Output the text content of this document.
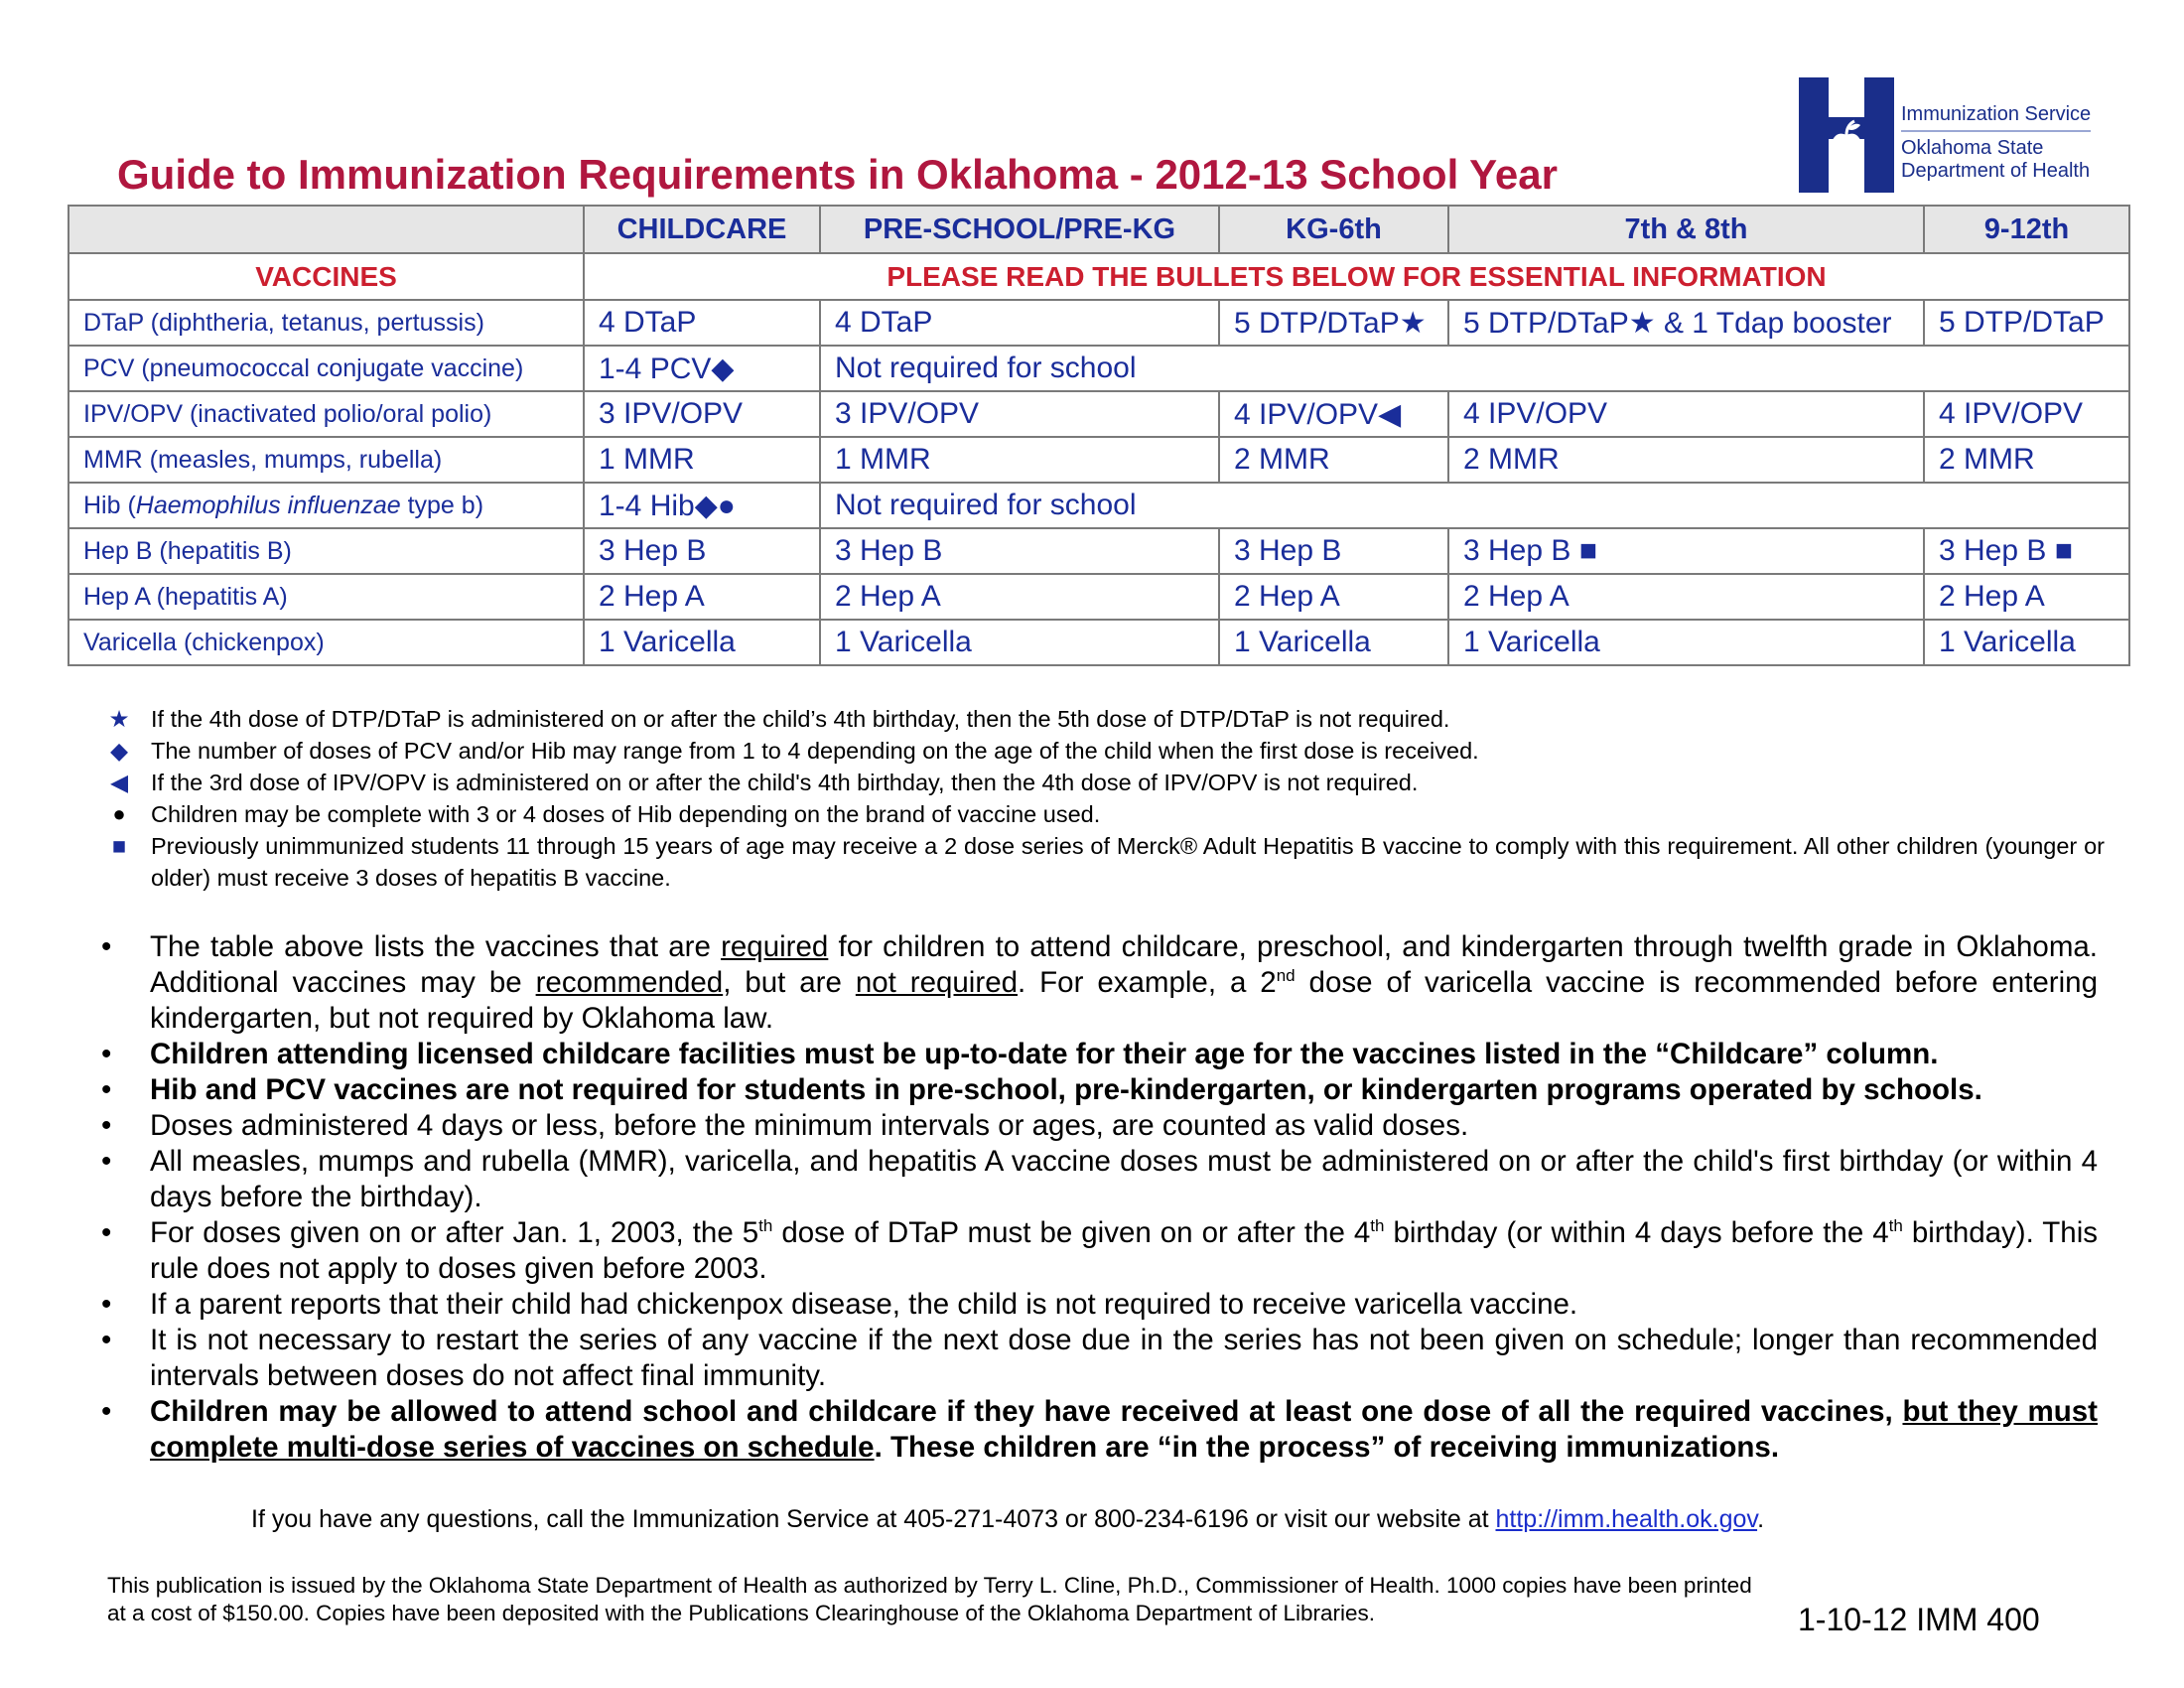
Guide to Immunization Requirements in Oklahoma - 2012-13 School Year
Immunization Service
Oklahoma State
Department of Health
	CHILDCARE	PRE-SCHOOL/PRE-KG	KG-6th	7th & 8th	9-12th
VACCINES	PLEASE READ THE BULLETS BELOW FOR ESSENTIAL INFORMATION				
DTaP (diphtheria, tetanus, pertussis)	4 DTaP	4 DTaP	5 DTP/DTaP★	5 DTP/DTaP★ & 1 Tdap booster	5 DTP/DTaP
PCV (pneumococcal conjugate vaccine)	1-4 PCV◆	Not required for school			
IPV/OPV (inactivated polio/oral polio)	3 IPV/OPV	3 IPV/OPV	4 IPV/OPV◀	4 IPV/OPV	4 IPV/OPV
MMR (measles, mumps, rubella)	1 MMR	1 MMR	2 MMR	2 MMR	2 MMR
Hib (Haemophilus influenzae type b)	1-4 Hib◆●	Not required for school			
Hep B (hepatitis B)	3 Hep B	3 Hep B	3 Hep B	3 Hep B ■	3 Hep B ■
Hep A (hepatitis A)	2 Hep A	2 Hep A	2 Hep A	2 Hep A	2 Hep A
Varicella (chickenpox)	1 Varicella	1 Varicella	1 Varicella	1 Varicella	1 Varicella
★ If the 4th dose of DTP/DTaP is administered on or after the child’s 4th birthday, then the 5th dose of DTP/DTaP is not required.
◆ The number of doses of PCV and/or Hib may range from 1 to 4 depending on the age of the child when the first dose is received.
◀ If the 3rd dose of IPV/OPV is administered on or after the child's 4th birthday, then the 4th dose of IPV/OPV is not required.
●	Children may be complete with 3 or 4 doses of Hib depending on the brand of vaccine used.
■	Previously unimmunized students 11 through 15 years of age may receive a 2 dose series of Merck® Adult Hepatitis B vaccine to comply with this requirement. All other children (younger or older) must receive 3 doses of hepatitis B vaccine.
• The table above lists the vaccines that are required for children to attend childcare, preschool, and kindergarten through twelfth grade in Oklahoma. Additional vaccines may be recommended, but are not required. For example, a 2nd dose of varicella vaccine is recommended before entering kindergarten, but not required by Oklahoma law.
• Children attending licensed childcare facilities must be up-to-date for their age for the vaccines listed in the “Childcare” column.
• Hib and PCV vaccines are not required for students in pre-school, pre-kindergarten, or kindergarten programs operated by schools.
• Doses administered 4 days or less, before the minimum intervals or ages, are counted as valid doses.
• All measles, mumps and rubella (MMR), varicella, and hepatitis A vaccine doses must be administered on or after the child's first birthday (or within 4 days before the birthday).
• For doses given on or after Jan. 1, 2003, the 5th dose of DTaP must be given on or after the 4th birthday (or within 4 days before the 4th birthday). This rule does not apply to doses given before 2003.
• If a parent reports that their child had chickenpox disease, the child is not required to receive varicella vaccine.
• It is not necessary to restart the series of any vaccine if the next dose due in the series has not been given on schedule; longer than recommended intervals between doses do not affect final immunity.
• Children may be allowed to attend school and childcare if they have received at least one dose of all the required vaccines, but they must complete multi-dose series of vaccines on schedule. These children are “in the process” of receiving immunizations.
If you have any questions, call the Immunization Service at 405-271-4073 or 800-234-6196 or visit our website at http://imm.health.ok.gov.
This publication is issued by the Oklahoma State Department of Health as authorized by Terry L. Cline, Ph.D., Commissioner of Health. 1000 copies have been printed at a cost of $150.00. Copies have been deposited with the Publications Clearinghouse of the Oklahoma Department of Libraries.	1-10-12 IMM 400
